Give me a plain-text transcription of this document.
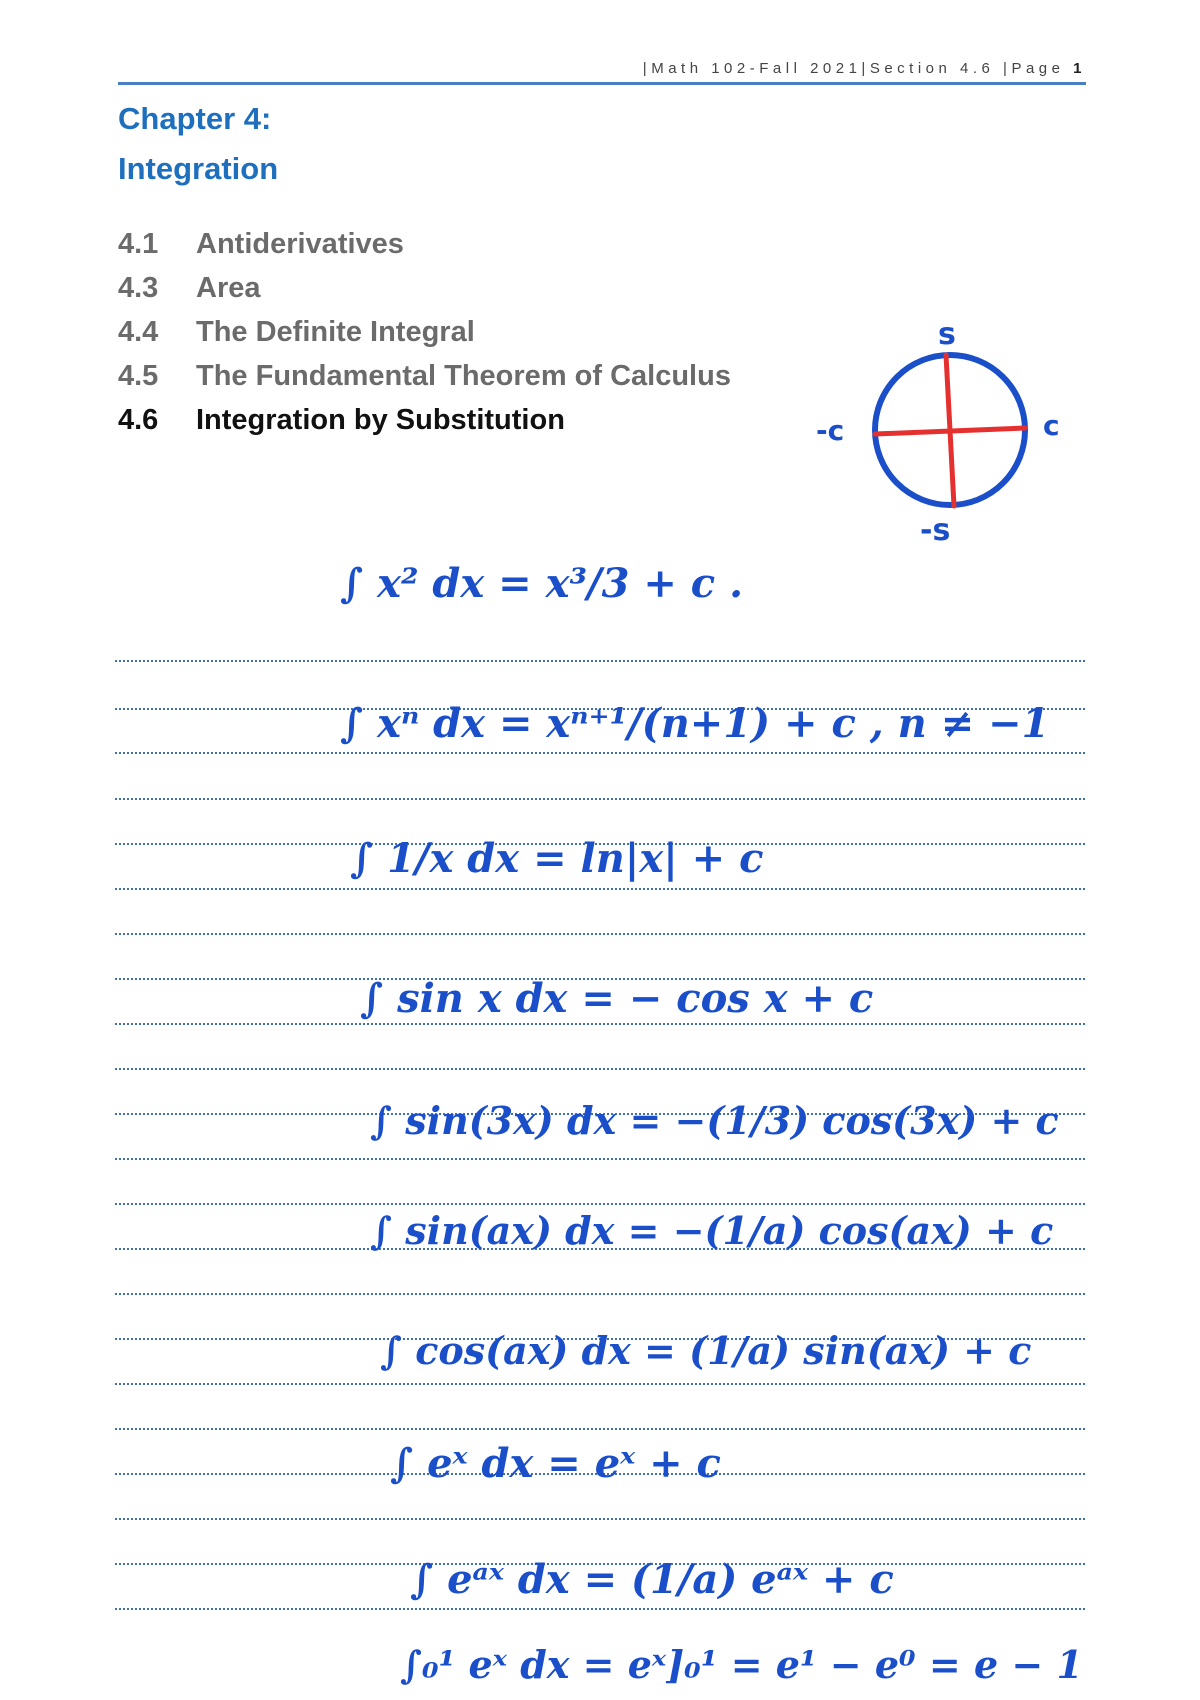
|Math 102-Fall 2021|Section 4.6 |Page 1
Chapter 4:
Integration
4.1 Antiderivatives
4.3 Area
4.4 The Definite Integral
4.5 The Fundamental Theorem of Calculus
4.6 Integration by Substitution
s
-s
-c	c
∫ x² dx = x³/3 + c .
∫ xⁿ dx = xⁿ⁺¹/(n+1) + c , n ≠ −1
∫ 1/x dx = ln|x| + c
∫ sin x dx = − cos x + c
∫ sin(3x) dx = −(1/3) cos(3x) + c
∫ sin(ax) dx = −(1/a) cos(ax) + c
∫ cos(ax) dx = (1/a) sin(ax) + c
∫ eˣ dx = eˣ + c
∫ eᵃˣ dx = (1/a) eᵃˣ + c
∫₀¹ eˣ dx = eˣ]₀¹ = e¹ − e⁰ = e − 1
